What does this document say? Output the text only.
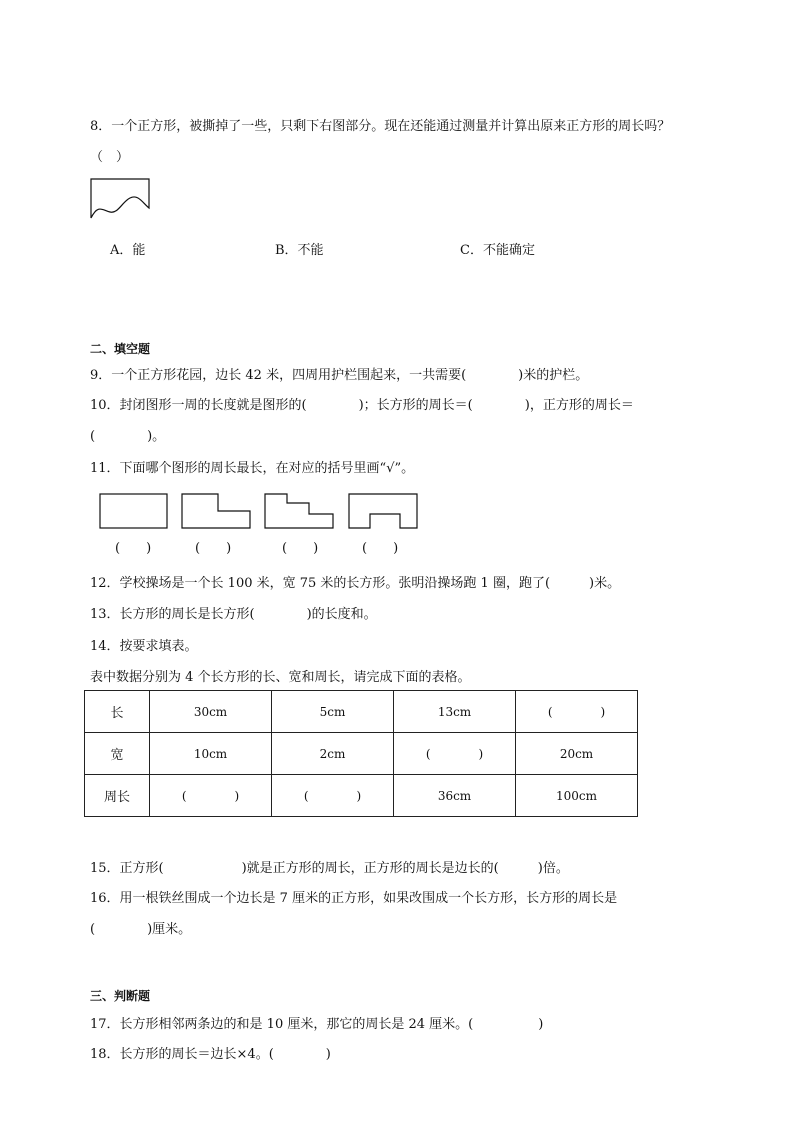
8．一个正方形，被撕掉了一些，只剩下右图部分。现在还能通过测量并计算出原来正方形的周长吗？
（　）
A．能	B．不能	C．不能确定
二、填空题
9．一个正方形花园，边长 42 米，四周用护栏围起来，一共需要(　　　　)米的护栏。
10．封闭图形一周的长度就是图形的(　　　　)；长方形的周长＝(　　　　)，正方形的周长＝
(　　　　)。
11．下面哪个图形的周长最长，在对应的括号里画“√”。
(　　)	(　　)	(　　)	(　　)
12．学校操场是一个长 100 米，宽 75 米的长方形。张明沿操场跑 1 圈，跑了(　　　)米。
13．长方形的周长是长方形(　　　　)的长度和。
14．按要求填表。
表中数据分别为 4 个长方形的长、宽和周长，请完成下面的表格。
长	30cm	5cm	13cm	(　　　　)
宽	10cm	2cm	(　　　　)	20cm
周长	(　　　　)	(　　　　)	36cm	100cm
15．正方形(　　　　　　)就是正方形的周长，正方形的周长是边长的(　　　)倍。
16．用一根铁丝围成一个边长是 7 厘米的正方形，如果改围成一个长方形，长方形的周长是
(　　　　)厘米。
三、判断题
17．长方形相邻两条边的和是 10 厘米，那它的周长是 24 厘米。(　　　　　)
18．长方形的周长＝边长×4。(　　　　)
